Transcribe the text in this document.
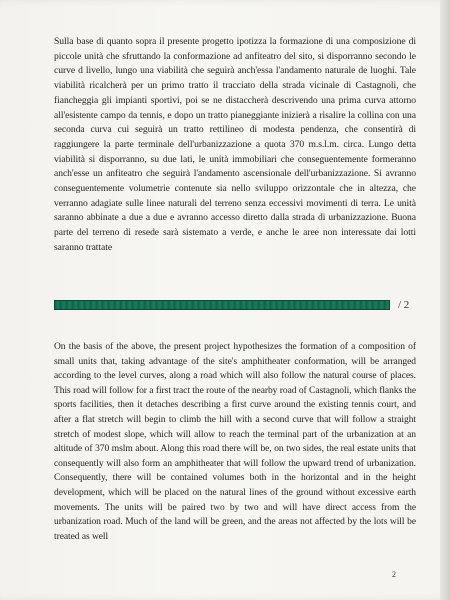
Sulla base di quanto sopra il presente progetto ipotizza la formazione di una composizione di piccole unità che sfruttando la conformazione ad anfiteatro del sito, si disporranno secondo le curve d livello, lungo una viabilità che seguirà anch'essa l'andamento naturale de luoghi. Tale viabilità ricalcherà per un primo tratto il tracciato della strada vicinale di Castagnoli, che fiancheggia gli impianti sportivi, poi se ne distaccherà descrivendo una prima curva attorno all'esistente campo da tennis, e dopo un tratto pianeggiante inizierà a risalire la collina con una seconda curva cui seguirà un tratto rettilineo di modesta pendenza, che consentirà di raggiungere la parte terminale dell'urbanizzazione a quota 370 m.s.l.m. circa. Lungo detta viabilità si disporranno, su due lati, le unità immobiliari che conseguentemente formeranno anch'esse un anfiteatro che seguirà l'andamento ascensionale dell'urbanizzazione. Si avranno conseguentemente volumetrie contenute sia nello sviluppo orizzontale che in altezza, che verranno adagiate sulle linee naturali del terreno senza eccessivi movimenti di terra. Le unità saranno abbinate a due a due e avranno accesso diretto dalla strada di urbanizzazione. Buona parte del terreno di resede sarà sistemato a verde, e anche le aree non interessate dai lotti saranno trattate

/ 2

On the basis of the above, the present project hypothesizes the formation of a composition of small units that, taking advantage of the site's amphitheater conformation, will be arranged according to the level curves, along a road which will also follow the natural course of places. This road will follow for a first tract the route of the nearby road of Castagnoli, which flanks the sports facilities, then it detaches describing a first curve around the existing tennis court, and after a flat stretch will begin to climb the hill with a second curve that will follow a straight stretch of modest slope, which will allow to reach the terminal part of the urbanization at an altitude of 370 mslm about. Along this road there will be, on two sides, the real estate units that consequently will also form an amphitheater that will follow the upward trend of urbanization. Consequently, there will be contained volumes both in the horizontal and in the height development, which will be placed on the natural lines of the ground without excessive earth movements. The units will be paired two by two and will have direct access from the urbanization road. Much of the land will be green, and the areas not affected by the lots will be treated as well

2
